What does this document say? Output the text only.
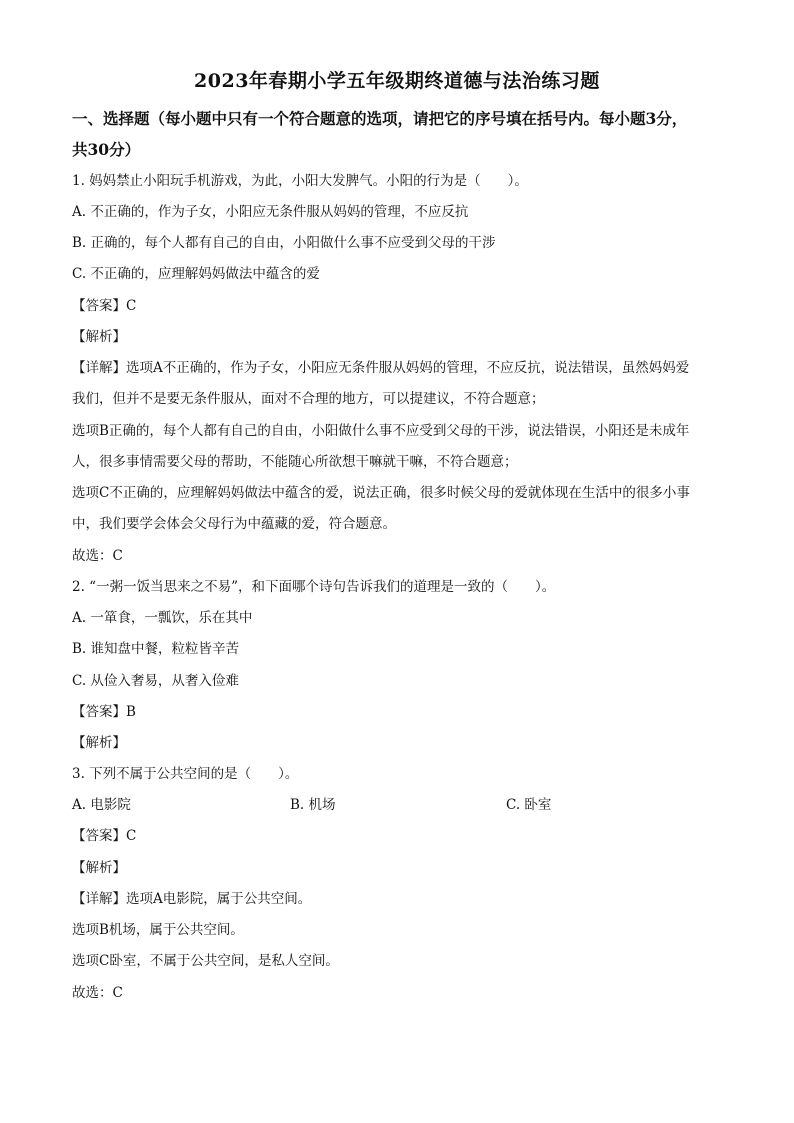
2023年春期小学五年级期终道德与法治练习题
一、选择题（每小题中只有一个符合题意的选项，请把它的序号填在括号内。每小题3分，
共30分）
1. 妈妈禁止小阳玩手机游戏，为此，小阳大发脾气。小阳的行为是（　　）。
A. 不正确的，作为子女，小阳应无条件服从妈妈的管理，不应反抗
B. 正确的，每个人都有自己的自由，小阳做什么事不应受到父母的干涉
C. 不正确的，应理解妈妈做法中蕴含的爱
【答案】C
【解析】
【详解】选项A不正确的，作为子女，小阳应无条件服从妈妈的管理，不应反抗，说法错误，虽然妈妈爱
我们，但并不是要无条件服从，面对不合理的地方，可以提建议，不符合题意；
选项B正确的，每个人都有自己的自由，小阳做什么事不应受到父母的干涉，说法错误，小阳还是未成年
人，很多事情需要父母的帮助，不能随心所欲想干嘛就干嘛，不符合题意；
选项C不正确的，应理解妈妈做法中蕴含的爱，说法正确，很多时候父母的爱就体现在生活中的很多小事
中，我们要学会体会父母行为中蕴藏的爱，符合题意。
故选：C
2. “一粥一饭当思来之不易”，和下面哪个诗句告诉我们的道理是一致的（　　）。
A. 一箪食，一瓢饮，乐在其中
B. 谁知盘中餐，粒粒皆辛苦
C. 从俭入奢易，从奢入俭难
【答案】B
【解析】
3. 下列不属于公共空间的是（　　）。
A. 电影院	B. 机场	C. 卧室
【答案】C
【解析】
【详解】选项A电影院，属于公共空间。
选项B机场，属于公共空间。
选项C卧室，不属于公共空间，是私人空间。
故选：C
